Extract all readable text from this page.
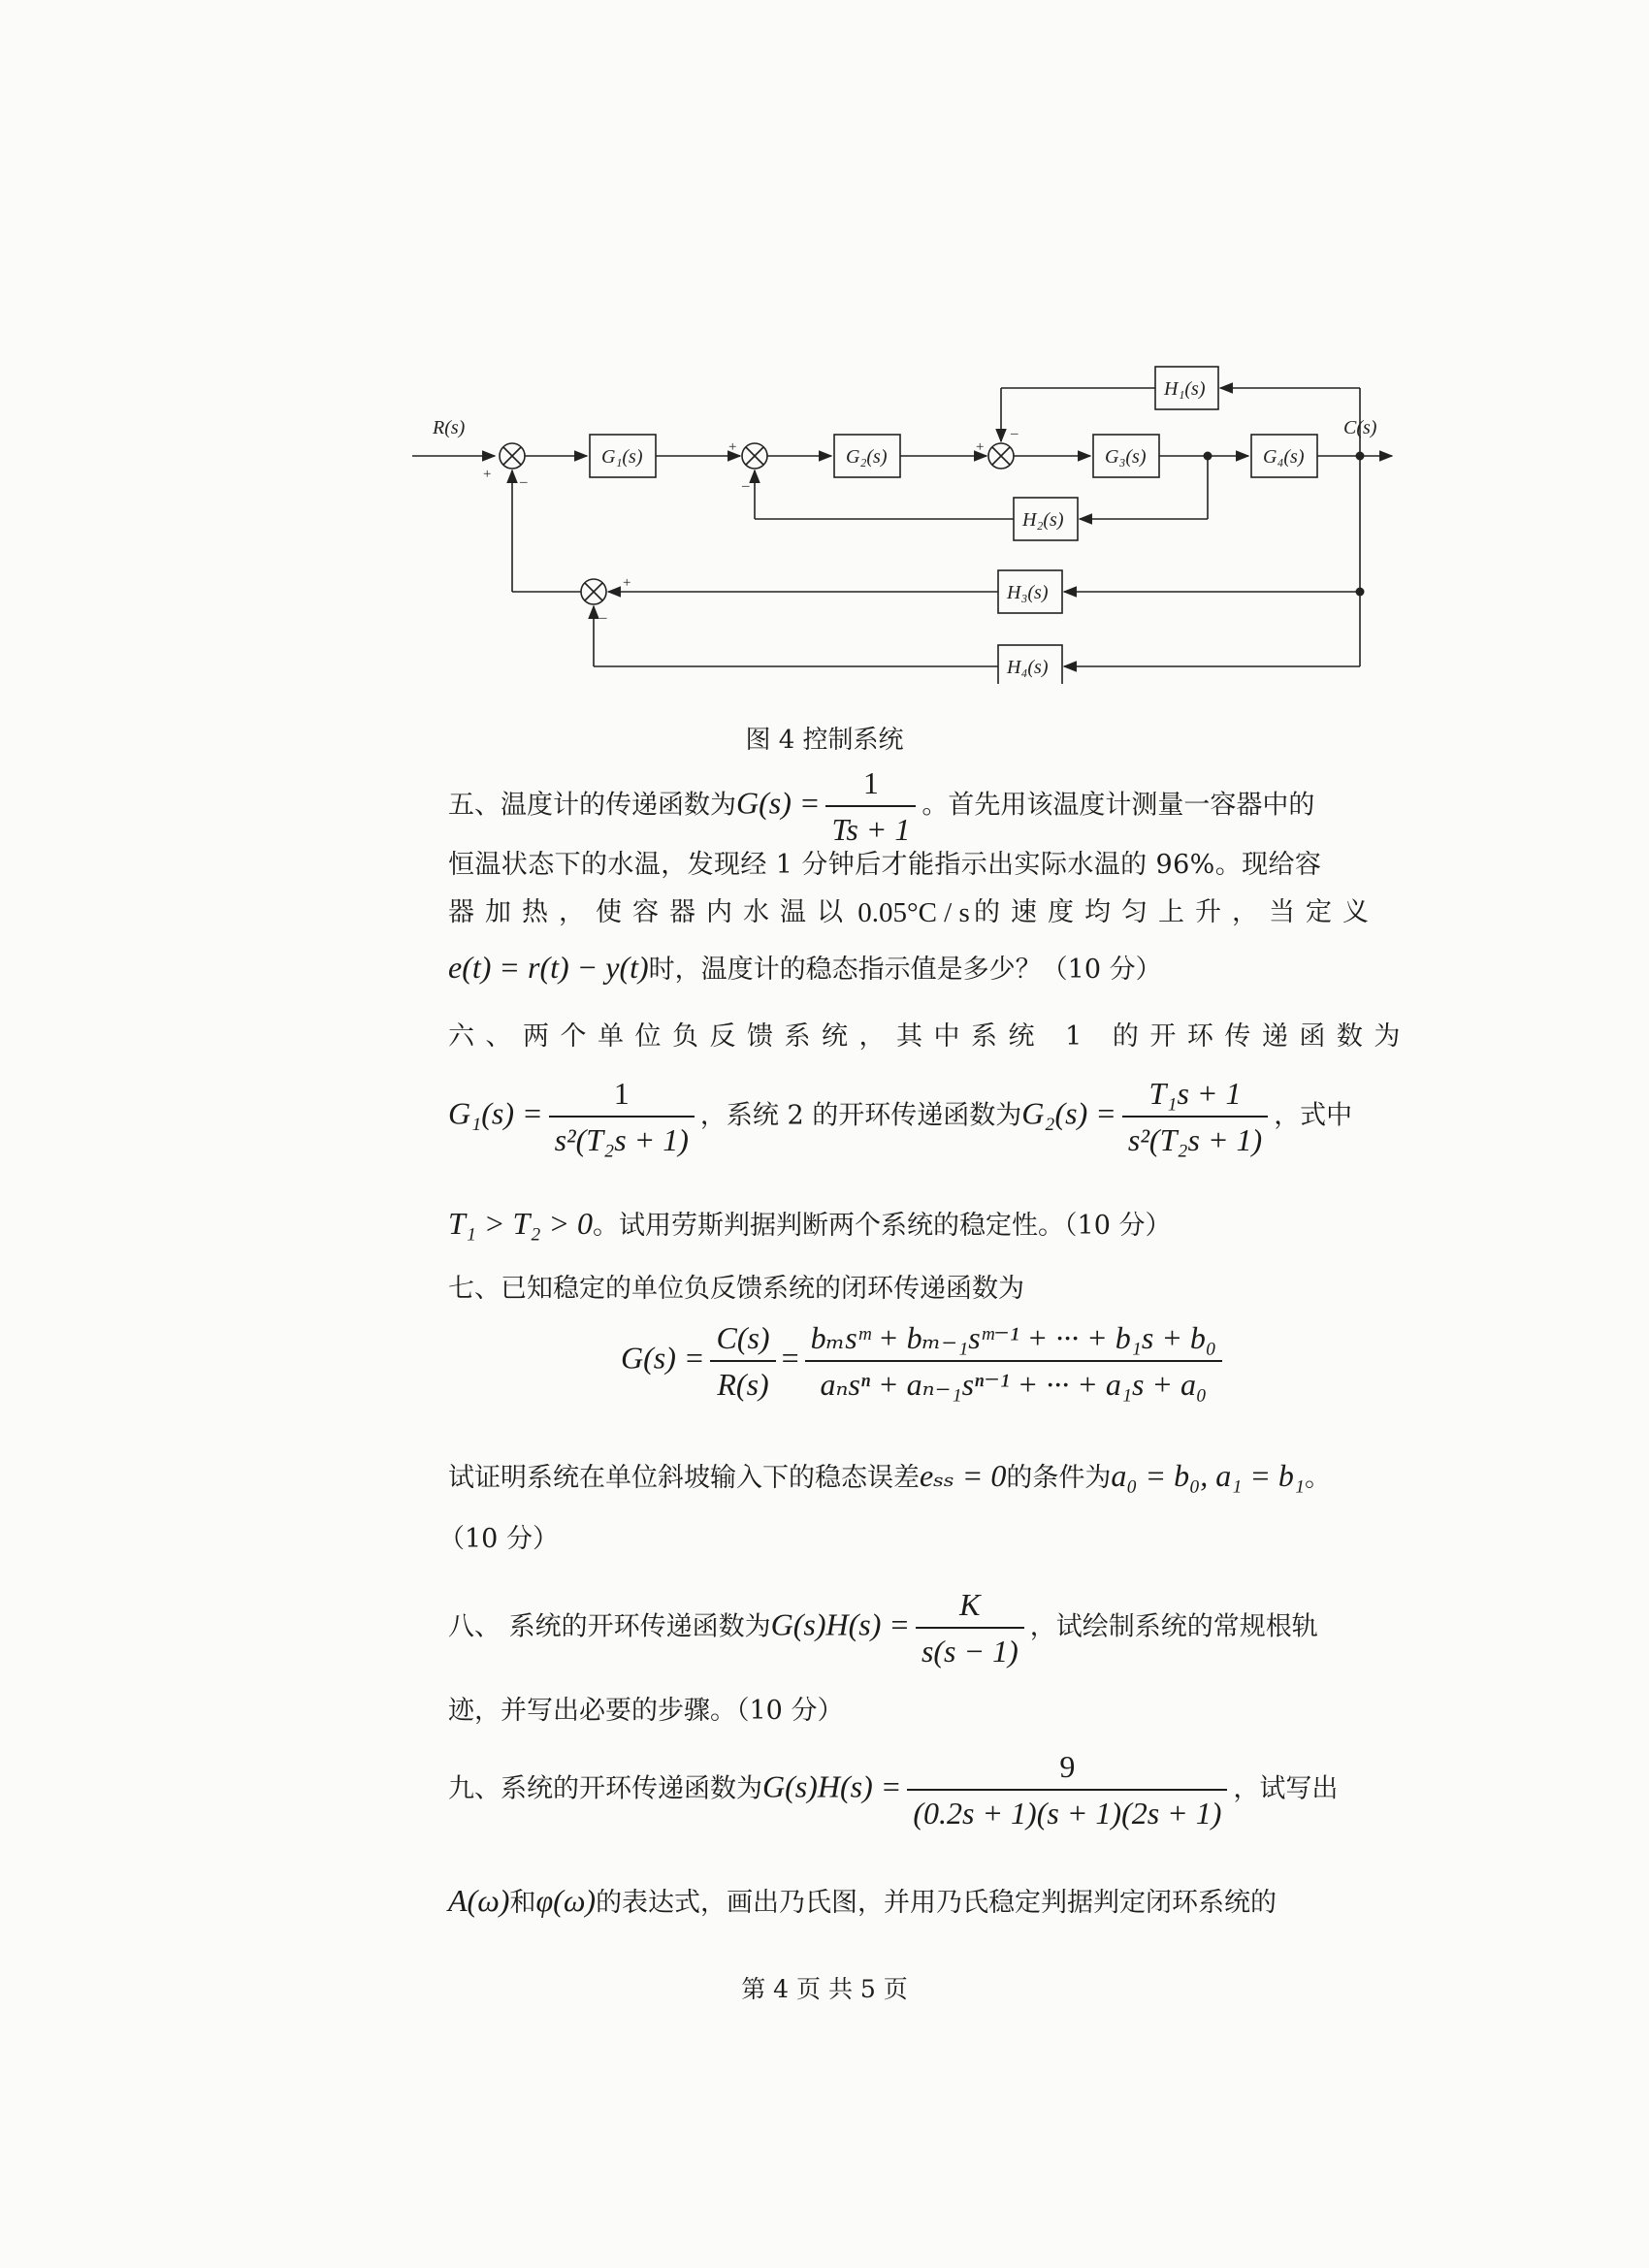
R(s)	C(s)
G₁(s)	G₂(s)	G₃(s)	G₄(s)
H₁(s)
H₂(s)
H₃(s)
H₄(s)
+ –
+
–
+
–
+
–
图 4 控制系统
五、温度计的传递函数为$G(s) = \frac{1}{Ts + 1}$ 。首先用该温度计测量一容器中的
恒温状态下的水温，发现经 1 分钟后才能指示出实际水温的 96%。现给容
器加热，使容器内水温以 0.05°C / s 的速度均匀上升，当定义
e(t) = r(t) − y(t)时，温度计的稳态指示值是多少？（10 分）
六、两个单位负反馈系统，其中系统 1 的开环传递函数为
$G_1(s) = \frac{1}{\text{s²(T₂s + 1)}}$ ，系统 2 的开环传递函数为$G_2(s) = \frac{\text{T₁s + 1}}{\text{s²(T₂s + 1)}}$ ，式中
T₁ > T₂ > 0。试用劳斯判据判断两个系统的稳定性。（10 分）
七、已知稳定的单位负反馈系统的闭环传递函数为
$G(s) = \frac{C(s)}{R(s)} = \frac{\text{bₘsᵐ + bₘ₋₁sᵐ⁻¹ + ··· + b₁s + b₀}}{\text{aₙsⁿ + aₙ₋₁sⁿ⁻¹ + ··· + a₁s + a₀}}$
试证明系统在单位斜坡输入下的稳态误差eₛₛ = 0的条件为a₀ = b₀, a₁ = b₁。
（10 分）
八、 系统的开环传递函数为$G(s)H(s) = \frac{K}{s(s - 1)}$ ，试绘制系统的常规根轨
迹，并写出必要的步骤。（10 分）
九、系统的开环传递函数为$G(s)H(s) = \frac{9}{(0.2s + 1)(s + 1)(2s + 1)}$ ，试写出
A(ω)和φ(ω)的表达式，画出乃氏图，并用乃氏稳定判据判定闭环系统的
第 4 页 共 5 页
